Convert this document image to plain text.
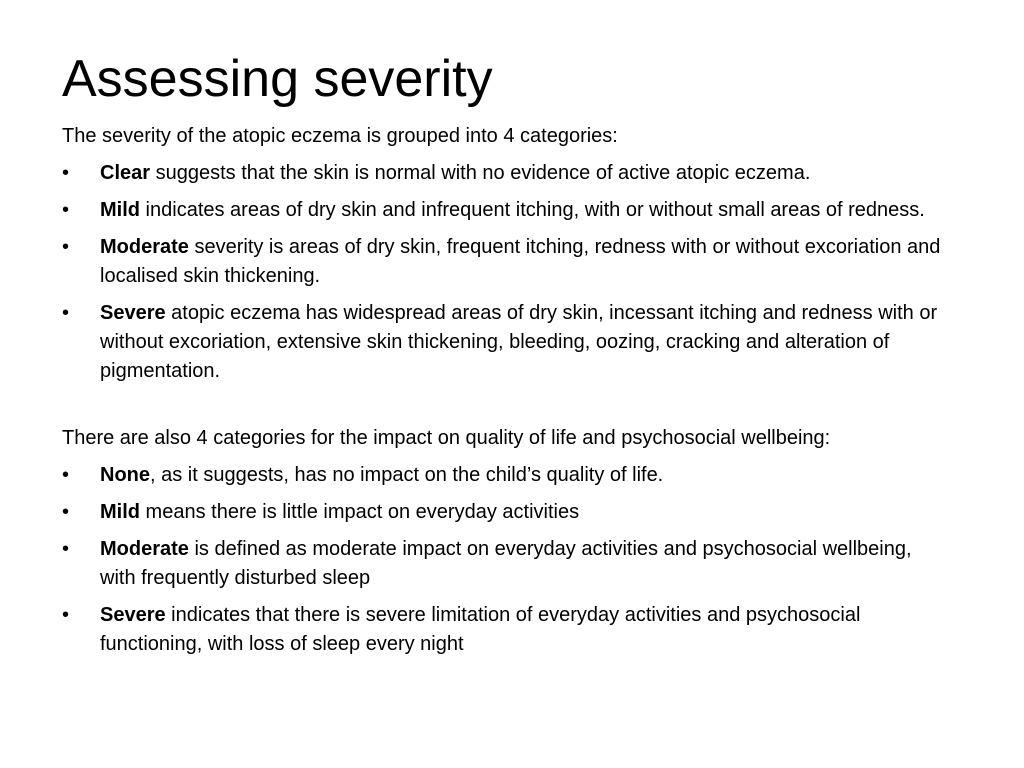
Assessing severity

The severity of the atopic eczema is grouped into 4 categories:

•	Clear suggests that the skin is normal with no evidence of active atopic eczema.
•	Mild indicates areas of dry skin and infrequent itching, with or without small areas of redness.
•	Moderate severity is areas of dry skin, frequent itching, redness with or without excoriation and localised skin thickening.
•	Severe atopic eczema has widespread areas of dry skin, incessant itching and redness with or without excoriation, extensive skin thickening, bleeding, oozing, cracking and alteration of pigmentation.

There are also 4 categories for the impact on quality of life and psychosocial wellbeing:

•	None, as it suggests, has no impact on the child’s quality of life.
•	Mild means there is little impact on everyday activities
•	Moderate is defined as moderate impact on everyday activities and psychosocial wellbeing, with frequently disturbed sleep
•	Severe indicates that there is severe limitation of everyday activities and psychosocial functioning, with loss of sleep every night
